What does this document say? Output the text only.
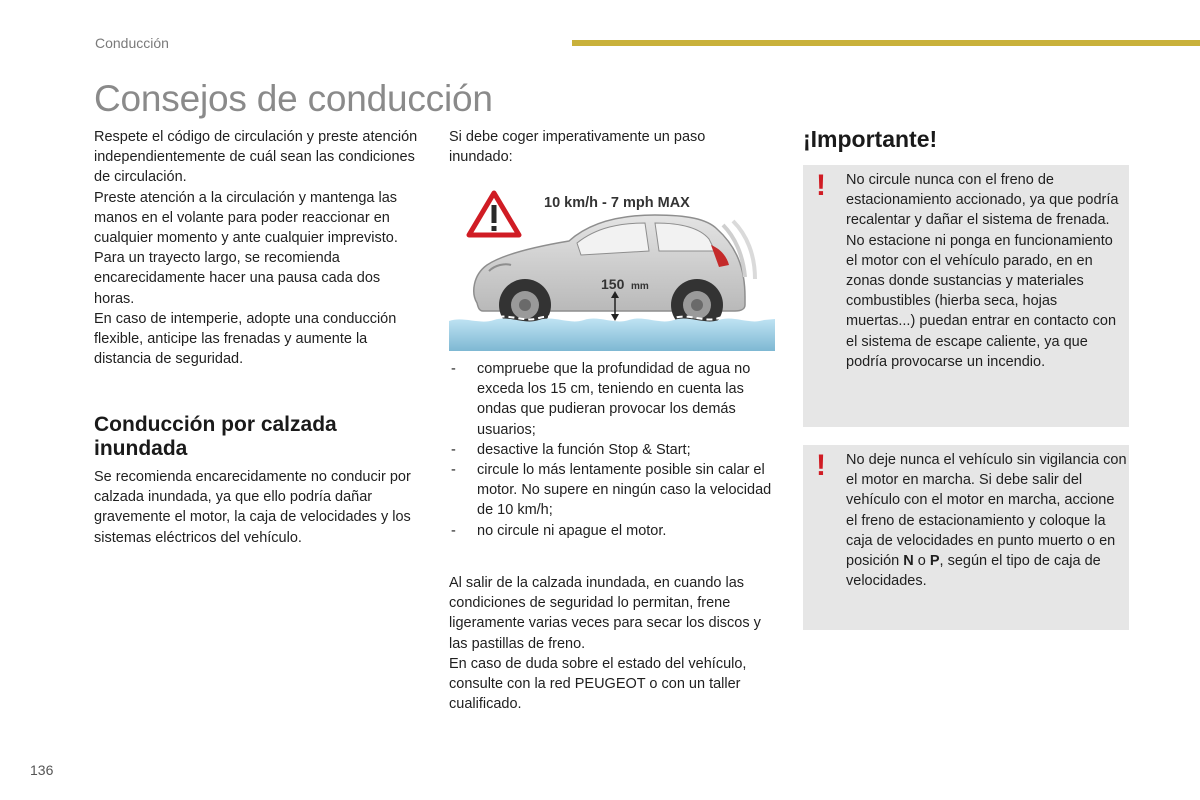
Conducción
Consejos de conducción

Respete el código de circulación y preste atención independientemente de cuál sean las condiciones de circulación.

Preste atención a la circulación y mantenga las manos en el volante para poder reaccionar en cualquier momento y ante cualquier imprevisto.

Para un trayecto largo, se recomienda encarecidamente hacer una pausa cada dos horas.

En caso de intemperie, adopte una conducción flexible, anticipe las frenadas y aumente la distancia de seguridad.

Conducción por calzada inundada

Se recomienda encarecidamente no conducir por calzada inundada, ya que ello podría dañar gravemente el motor, la caja de velocidades y los sistemas eléctricos del vehículo.

Si debe coger imperativamente un paso inundado:

10 km/h - 7 mph MAX
150 mm
- compruebe que la profundidad de agua no exceda los 15 cm, teniendo en cuenta las ondas que pudieran provocar los demás usuarios;
- desactive la función Stop & Start;
- circule lo más lentamente posible sin calar el motor. No supere en ningún caso la velocidad de 10 km/h;
- no circule ni apague el motor.

Al salir de la calzada inundada, en cuando las condiciones de seguridad lo permitan, frene ligeramente varias veces para secar los discos y las pastillas de freno.

En caso de duda sobre el estado del vehículo, consulte con la red PEUGEOT o con un taller cualificado.

¡Importante!
! No circule nunca con el freno de estacionamiento accionado, ya que podría recalentar y dañar el sistema de frenada.
No estacione ni ponga en funcionamiento el motor con el vehículo parado, en en zonas donde sustancias y materiales combustibles (hierba seca, hojas muertas...) puedan entrar en contacto con el sistema de escape caliente, ya que podría provocarse un incendio.
! No deje nunca el vehículo sin vigilancia con el motor en marcha. Si debe salir del vehículo con el motor en marcha, accione el freno de estacionamiento y coloque la caja de velocidades en punto muerto o en posición N o P, según el tipo de caja de velocidades.
136
